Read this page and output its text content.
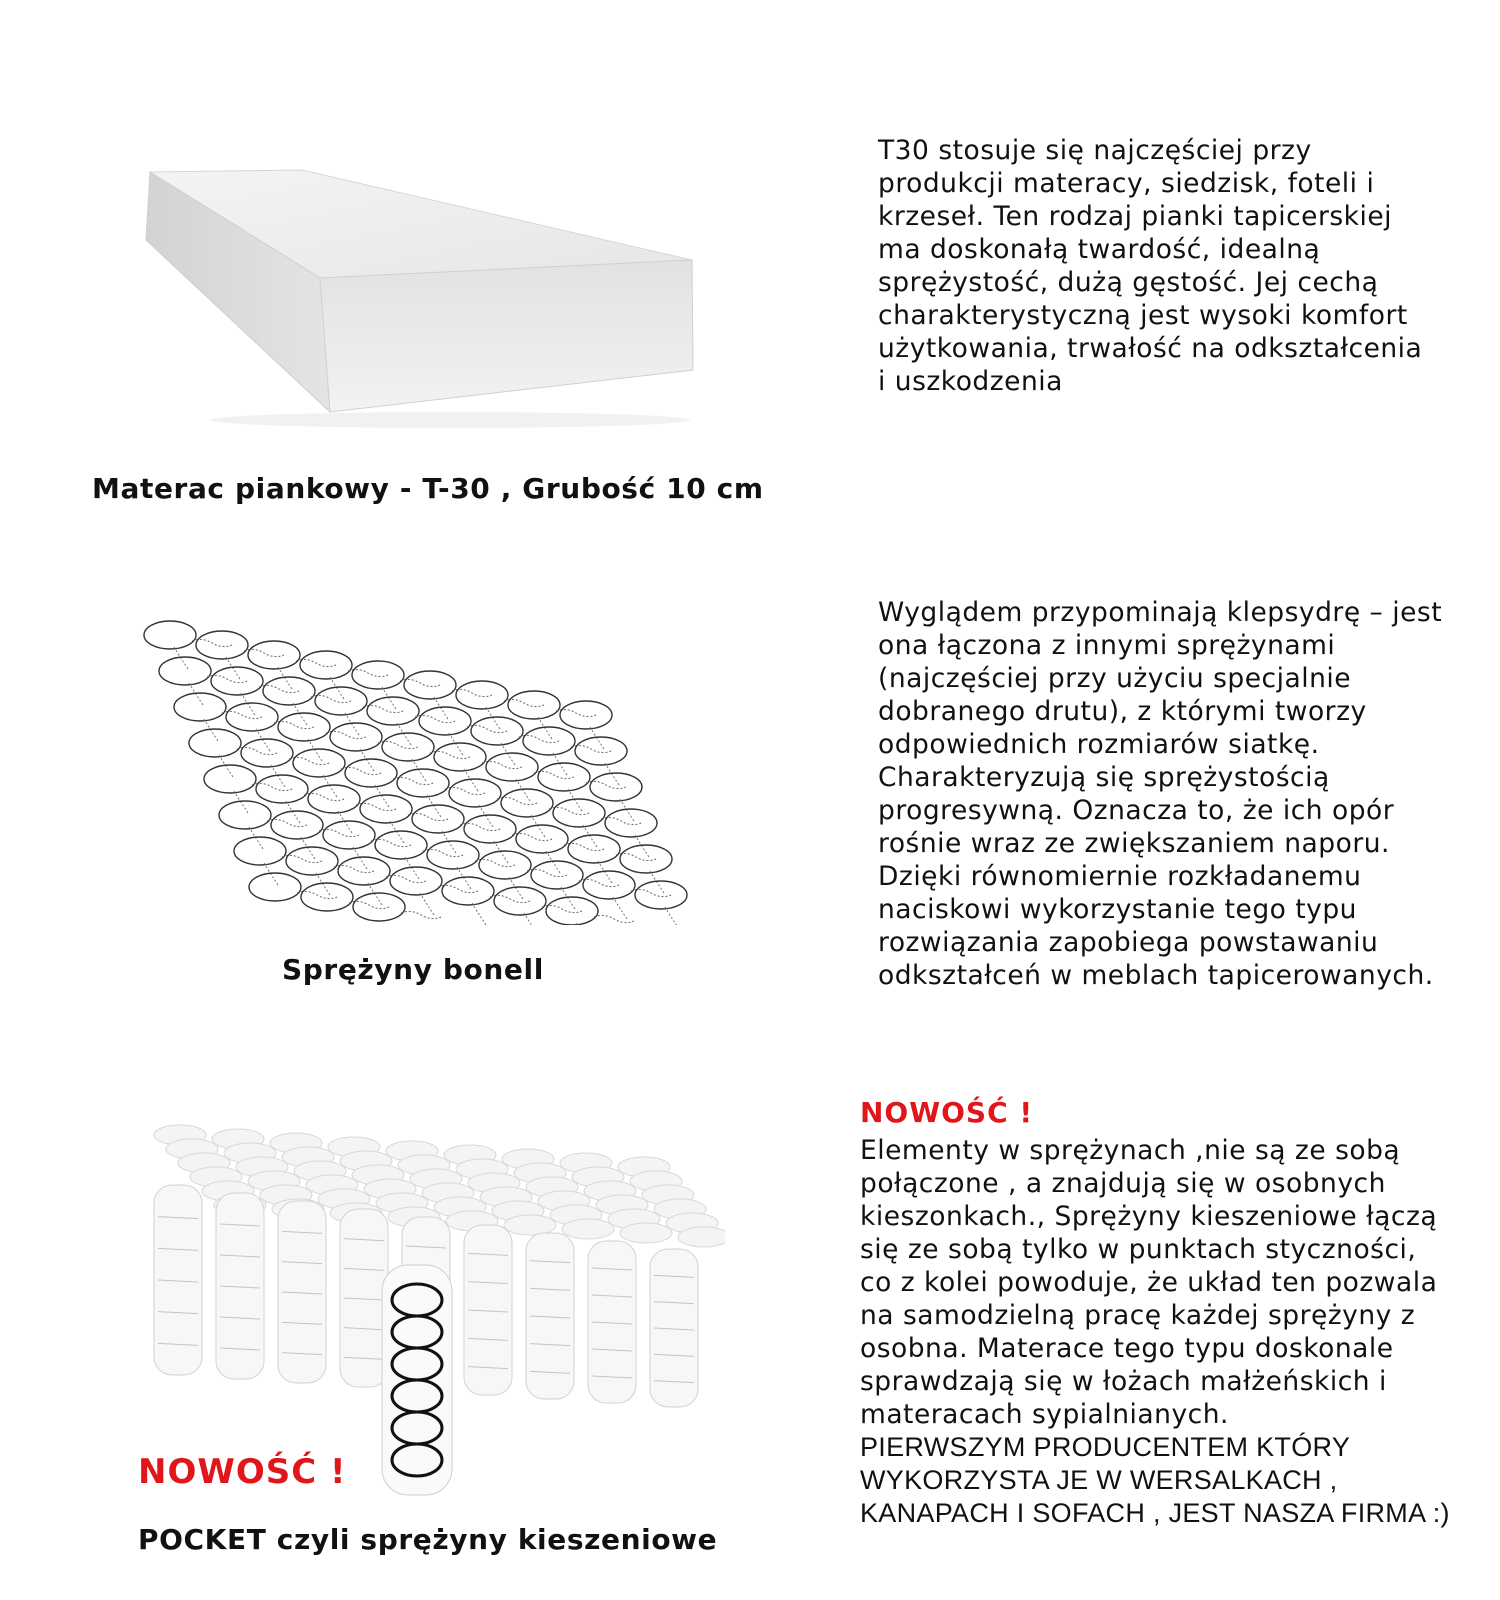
T30 stosuje się najczęściej przy
produkcji materacy, siedzisk, foteli i
krzeseł. Ten rodzaj pianki tapicerskiej
ma doskonałą twardość, idealną
sprężystość, dużą gęstość. Jej cechą
charakterystyczną jest wysoki komfort
użytkowania, trwałość na odkształcenia
i uszkodzenia
Materac piankowy - T-30 , Grubość 10 cm
Wyglądem przypominają klepsydrę – jest
ona łączona z innymi sprężynami
(najczęściej przy użyciu specjalnie
dobranego drutu), z którymi tworzy
odpowiednich rozmiarów siatkę.
Charakteryzują się sprężystością
progresywną. Oznacza to, że ich opór
rośnie wraz ze zwiększaniem naporu.
Dzięki równomiernie rozkładanemu
naciskowi wykorzystanie tego typu
rozwiązania zapobiega powstawaniu
odkształceń w meblach tapicerowanych.
Sprężyny bonell
NOWOŚĆ !
POCKET czyli sprężyny kieszeniowe
NOWOŚĆ !
Elementy w sprężynach ,nie są ze sobą
połączone , a znajdują się w osobnych
kieszonkach., Sprężyny kieszeniowe łączą
się ze sobą tylko w punktach styczności,
co z kolei powoduje, że układ ten pozwala
na samodzielną pracę każdej sprężyny z
osobna. Materace tego typu doskonale
sprawdzają się w łożach małżeńskich i
materacach sypialnianych.
PIERWSZYM PRODUCENTEM KTÓRY
WYKORZYSTA JE W WERSALKACH ,
KANAPACH I SOFACH , JEST NASZA FIRMA :)
